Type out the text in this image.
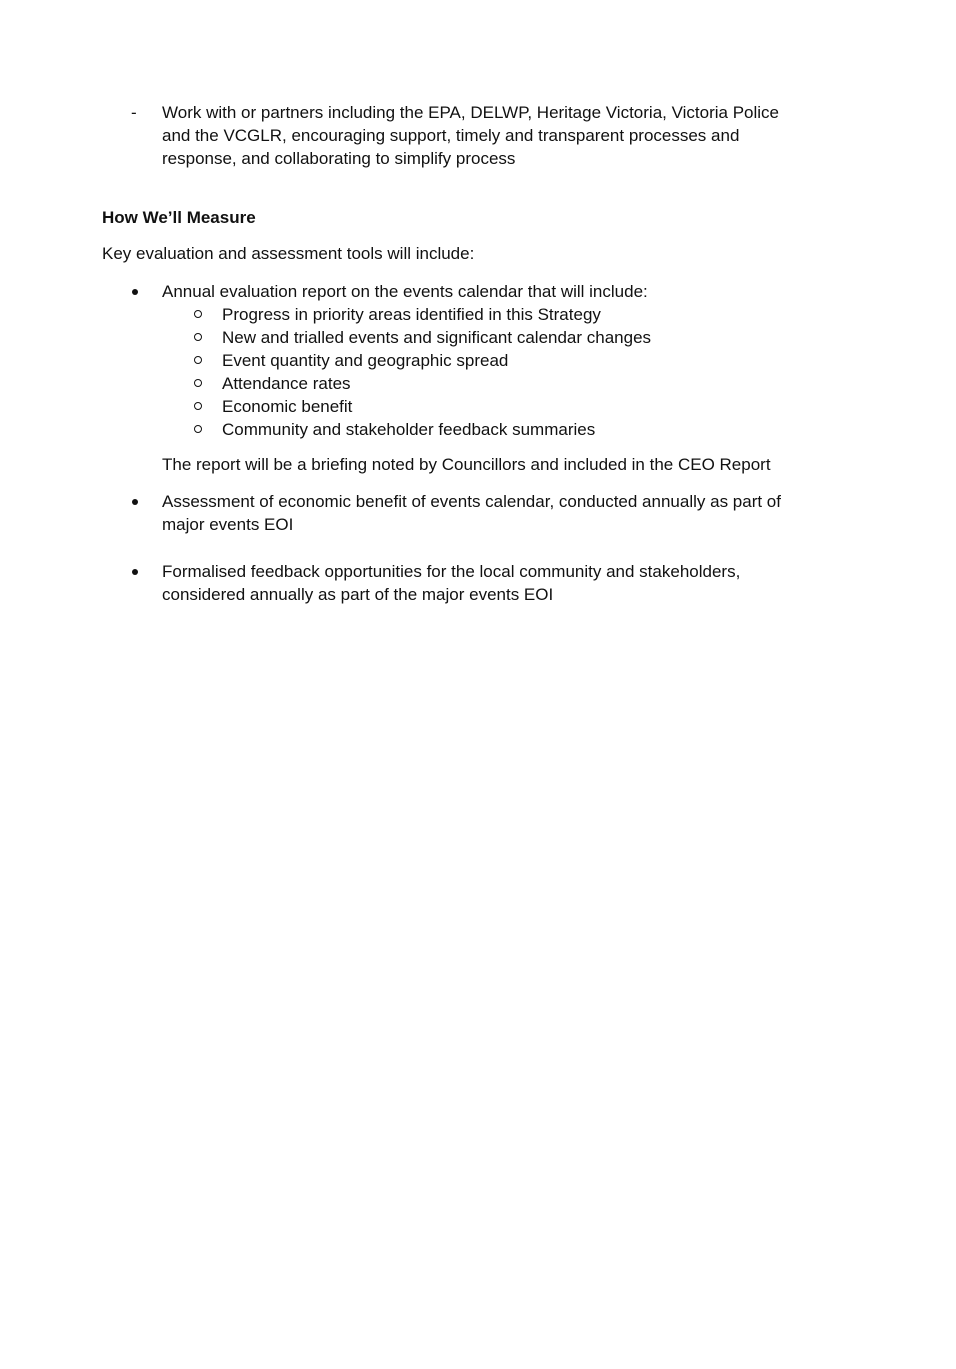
- Work with or partners including the EPA, DELWP, Heritage Victoria, Victoria Police
and the VCGLR, encouraging support, timely and transparent processes and
response, and collaborating to simplify process
How We’ll Measure
Key evaluation and assessment tools will include:
Annual evaluation report on the events calendar that will include:
Progress in priority areas identified in this Strategy
New and trialled events and significant calendar changes
Event quantity and geographic spread
Attendance rates
Economic benefit
Community and stakeholder feedback summaries
The report will be a briefing noted by Councillors and included in the CEO Report
Assessment of economic benefit of events calendar, conducted annually as part of
major events EOI
Formalised feedback opportunities for the local community and stakeholders,
considered annually as part of the major events EOI
